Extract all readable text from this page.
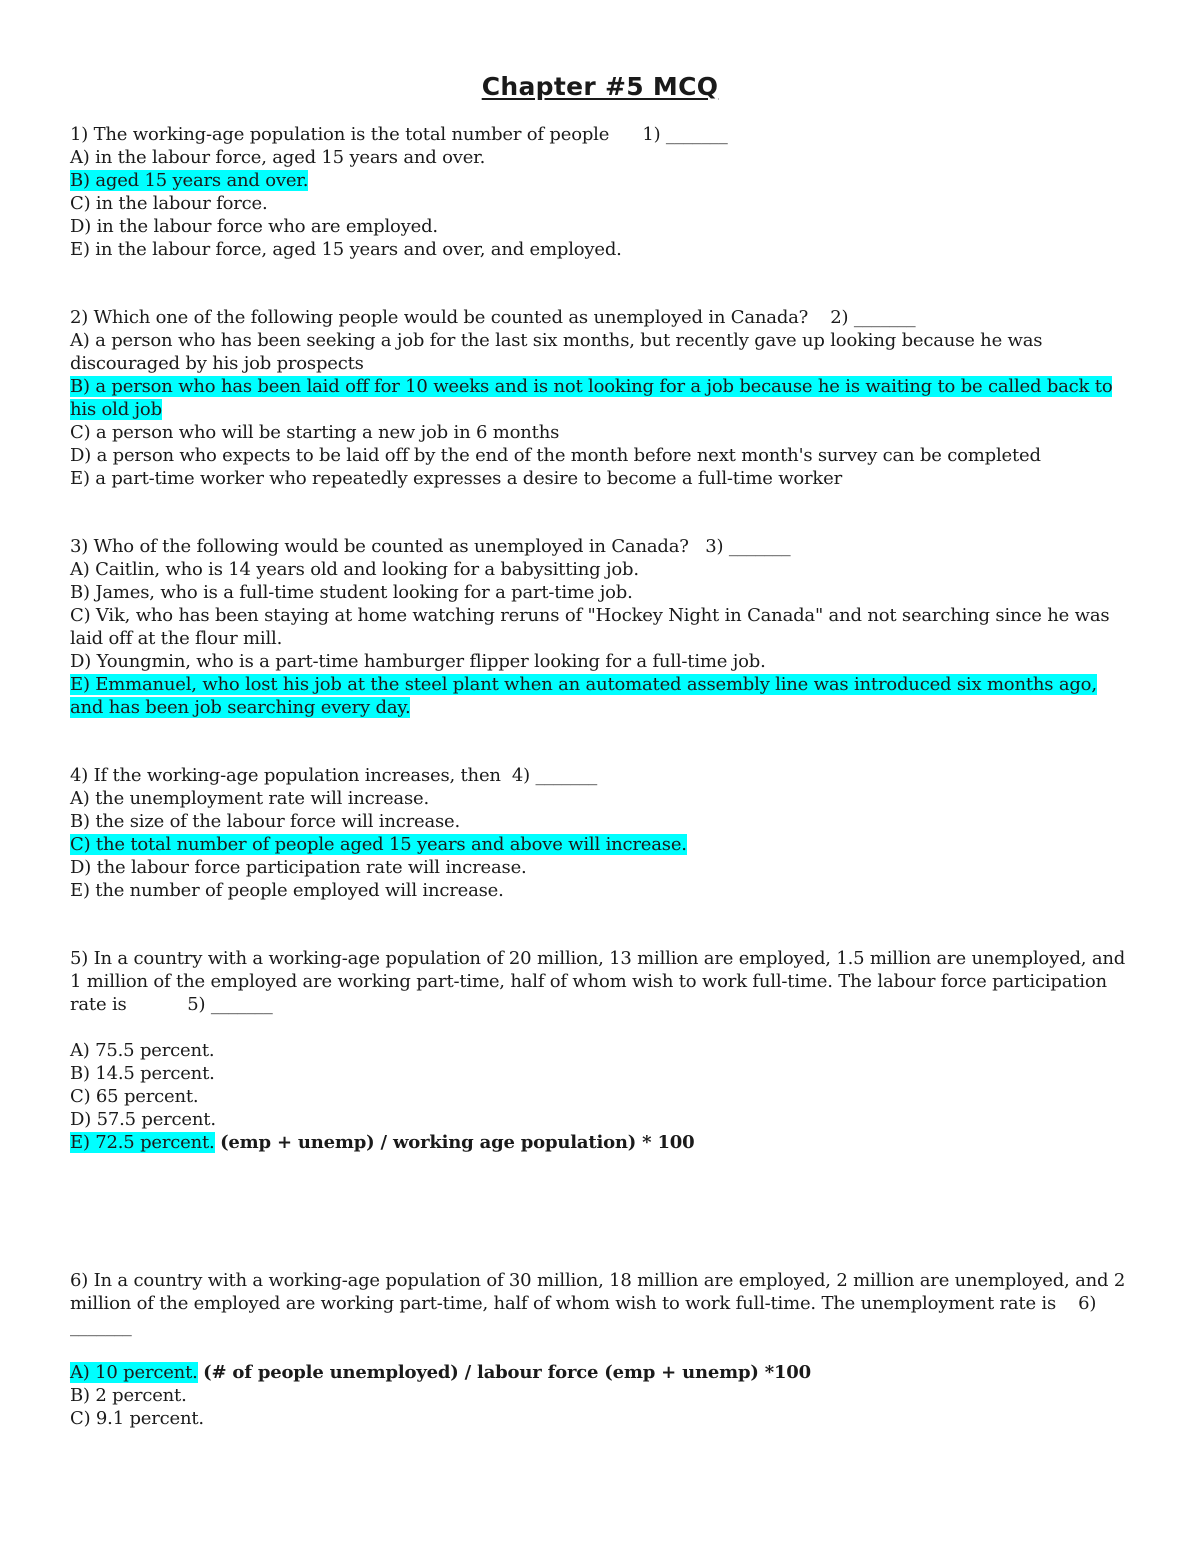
Chapter #5 MCQ
1) The working-age population is the total number of people 1) _______
A) in the labour force, aged 15 years and over.
B) aged 15 years and over.
C) in the labour force.
D) in the labour force who are employed.
E) in the labour force, aged 15 years and over, and employed.
2) Which one of the following people would be counted as unemployed in Canada? 2) _______
A) a person who has been seeking a job for the last six months, but recently gave up looking because he was discouraged by his job prospects
B) a person who has been laid off for 10 weeks and is not looking for a job because he is waiting to be called back to his old job
C) a person who will be starting a new job in 6 months
D) a person who expects to be laid off by the end of the month before next month's survey can be completed
E) a part-time worker who repeatedly expresses a desire to become a full-time worker
3) Who of the following would be counted as unemployed in Canada? 3) _______
A) Caitlin, who is 14 years old and looking for a babysitting job.
B) James, who is a full-time student looking for a part-time job.
C) Vik, who has been staying at home watching reruns of "Hockey Night in Canada" and not searching since he was laid off at the flour mill.
D) Youngmin, who is a part-time hamburger flipper looking for a full-time job.
E) Emmanuel, who lost his job at the steel plant when an automated assembly line was introduced six months ago, and has been job searching every day.
4) If the working-age population increases, then 4) _______
A) the unemployment rate will increase.
B) the size of the labour force will increase.
C) the total number of people aged 15 years and above will increase.
D) the labour force participation rate will increase.
E) the number of people employed will increase.
5) In a country with a working-age population of 20 million, 13 million are employed, 1.5 million are unemployed, and 1 million of the employed are working part-time, half of whom wish to work full-time. The labour force participation rate is	5) _______
A) 75.5 percent.
B) 14.5 percent.
C) 65 percent.
D) 57.5 percent.
E) 72.5 percent. (emp + unemp) / working age population) * 100
6) In a country with a working-age population of 30 million, 18 million are employed, 2 million are unemployed, and 2 million of the employed are working part-time, half of whom wish to work full-time. The unemployment rate is 6) _______
A) 10 percent. (# of people unemployed) / labour force (emp + unemp) *100
B) 2 percent.
C) 9.1 percent.
